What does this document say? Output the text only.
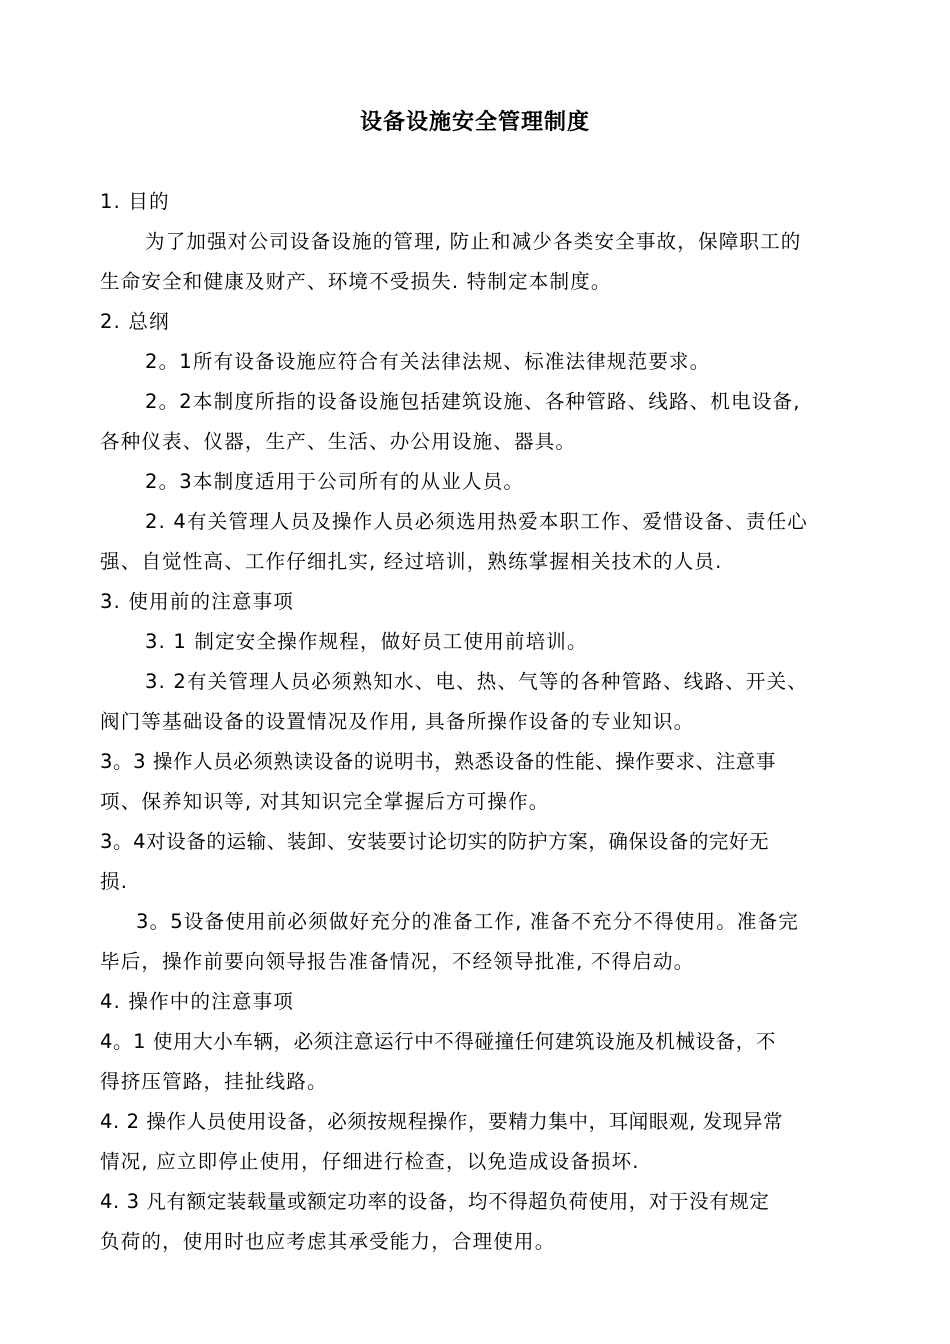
设备设施安全管理制度
1. 目的
为了加强对公司设备设施的管理, 防止和减少各类安全事故，保障职工的
生命安全和健康及财产、环境不受损失. 特制定本制度。
2. 总纲
2。1所有设备设施应符合有关法律法规、标准法律规范要求。
2。2本制度所指的设备设施包括建筑设施、各种管路、线路、机电设备,
各种仪表、仪器，生产、生活、办公用设施、器具。
2。3本制度适用于公司所有的从业人员。
2. 4有关管理人员及操作人员必须选用热爱本职工作、爱惜设备、责任心
强、自觉性高、工作仔细扎实, 经过培训，熟练掌握相关技术的人员.
3. 使用前的注意事项
3. 1 制定安全操作规程，做好员工使用前培训。
3. 2有关管理人员必须熟知水、电、热、气等的各种管路、线路、开关、
阀门等基础设备的设置情况及作用, 具备所操作设备的专业知识。
3。3 操作人员必须熟读设备的说明书，熟悉设备的性能、操作要求、注意事
项、保养知识等, 对其知识完全掌握后方可操作。
3。4对设备的运输、装卸、安装要讨论切实的防护方案，确保设备的完好无
损.
3。5设备使用前必须做好充分的准备工作, 准备不充分不得使用。准备完
毕后，操作前要向领导报告准备情况，不经领导批准, 不得启动。
4. 操作中的注意事项
4。1 使用大小车辆，必须注意运行中不得碰撞任何建筑设施及机械设备，不
得挤压管路，挂扯线路。
4. 2 操作人员使用设备，必须按规程操作，要精力集中，耳闻眼观, 发现异常
情况, 应立即停止使用，仔细进行检查，以免造成设备损坏.
4. 3 凡有额定装载量或额定功率的设备，均不得超负荷使用，对于没有规定
负荷的，使用时也应考虑其承受能力，合理使用。
